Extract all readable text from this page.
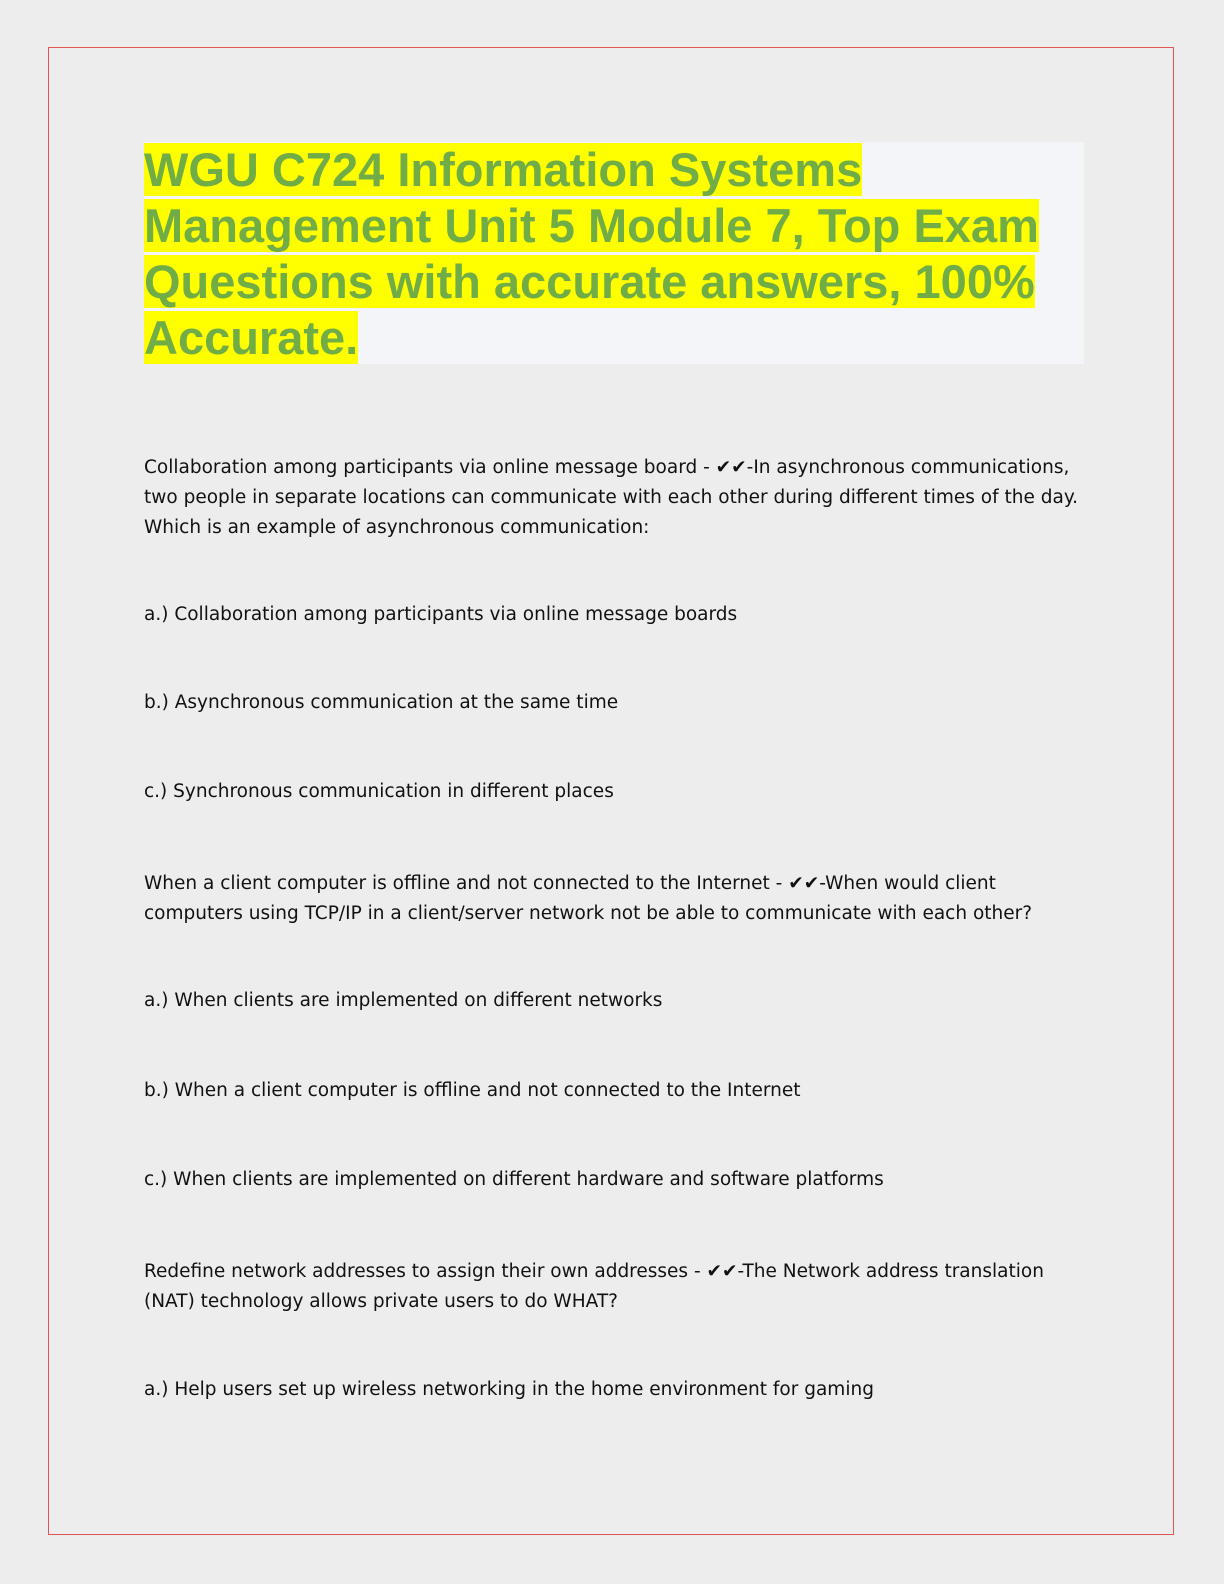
WGU C724 Information Systems Management Unit 5 Module 7, Top Exam Questions with accurate answers, 100% Accurate.

Collaboration among participants via online message board - ✔✔-In asynchronous communications, two people in separate locations can communicate with each other during different times of the day. Which is an example of asynchronous communication:

a.) Collaboration among participants via online message boards

b.) Asynchronous communication at the same time

c.) Synchronous communication in different places

When a client computer is offline and not connected to the Internet - ✔✔-When would client computers using TCP/IP in a client/server network not be able to communicate with each other?

a.) When clients are implemented on different networks

b.) When a client computer is offline and not connected to the Internet

c.) When clients are implemented on different hardware and software platforms

Redefine network addresses to assign their own addresses - ✔✔-The Network address translation (NAT) technology allows private users to do WHAT?

a.) Help users set up wireless networking in the home environment for gaming
